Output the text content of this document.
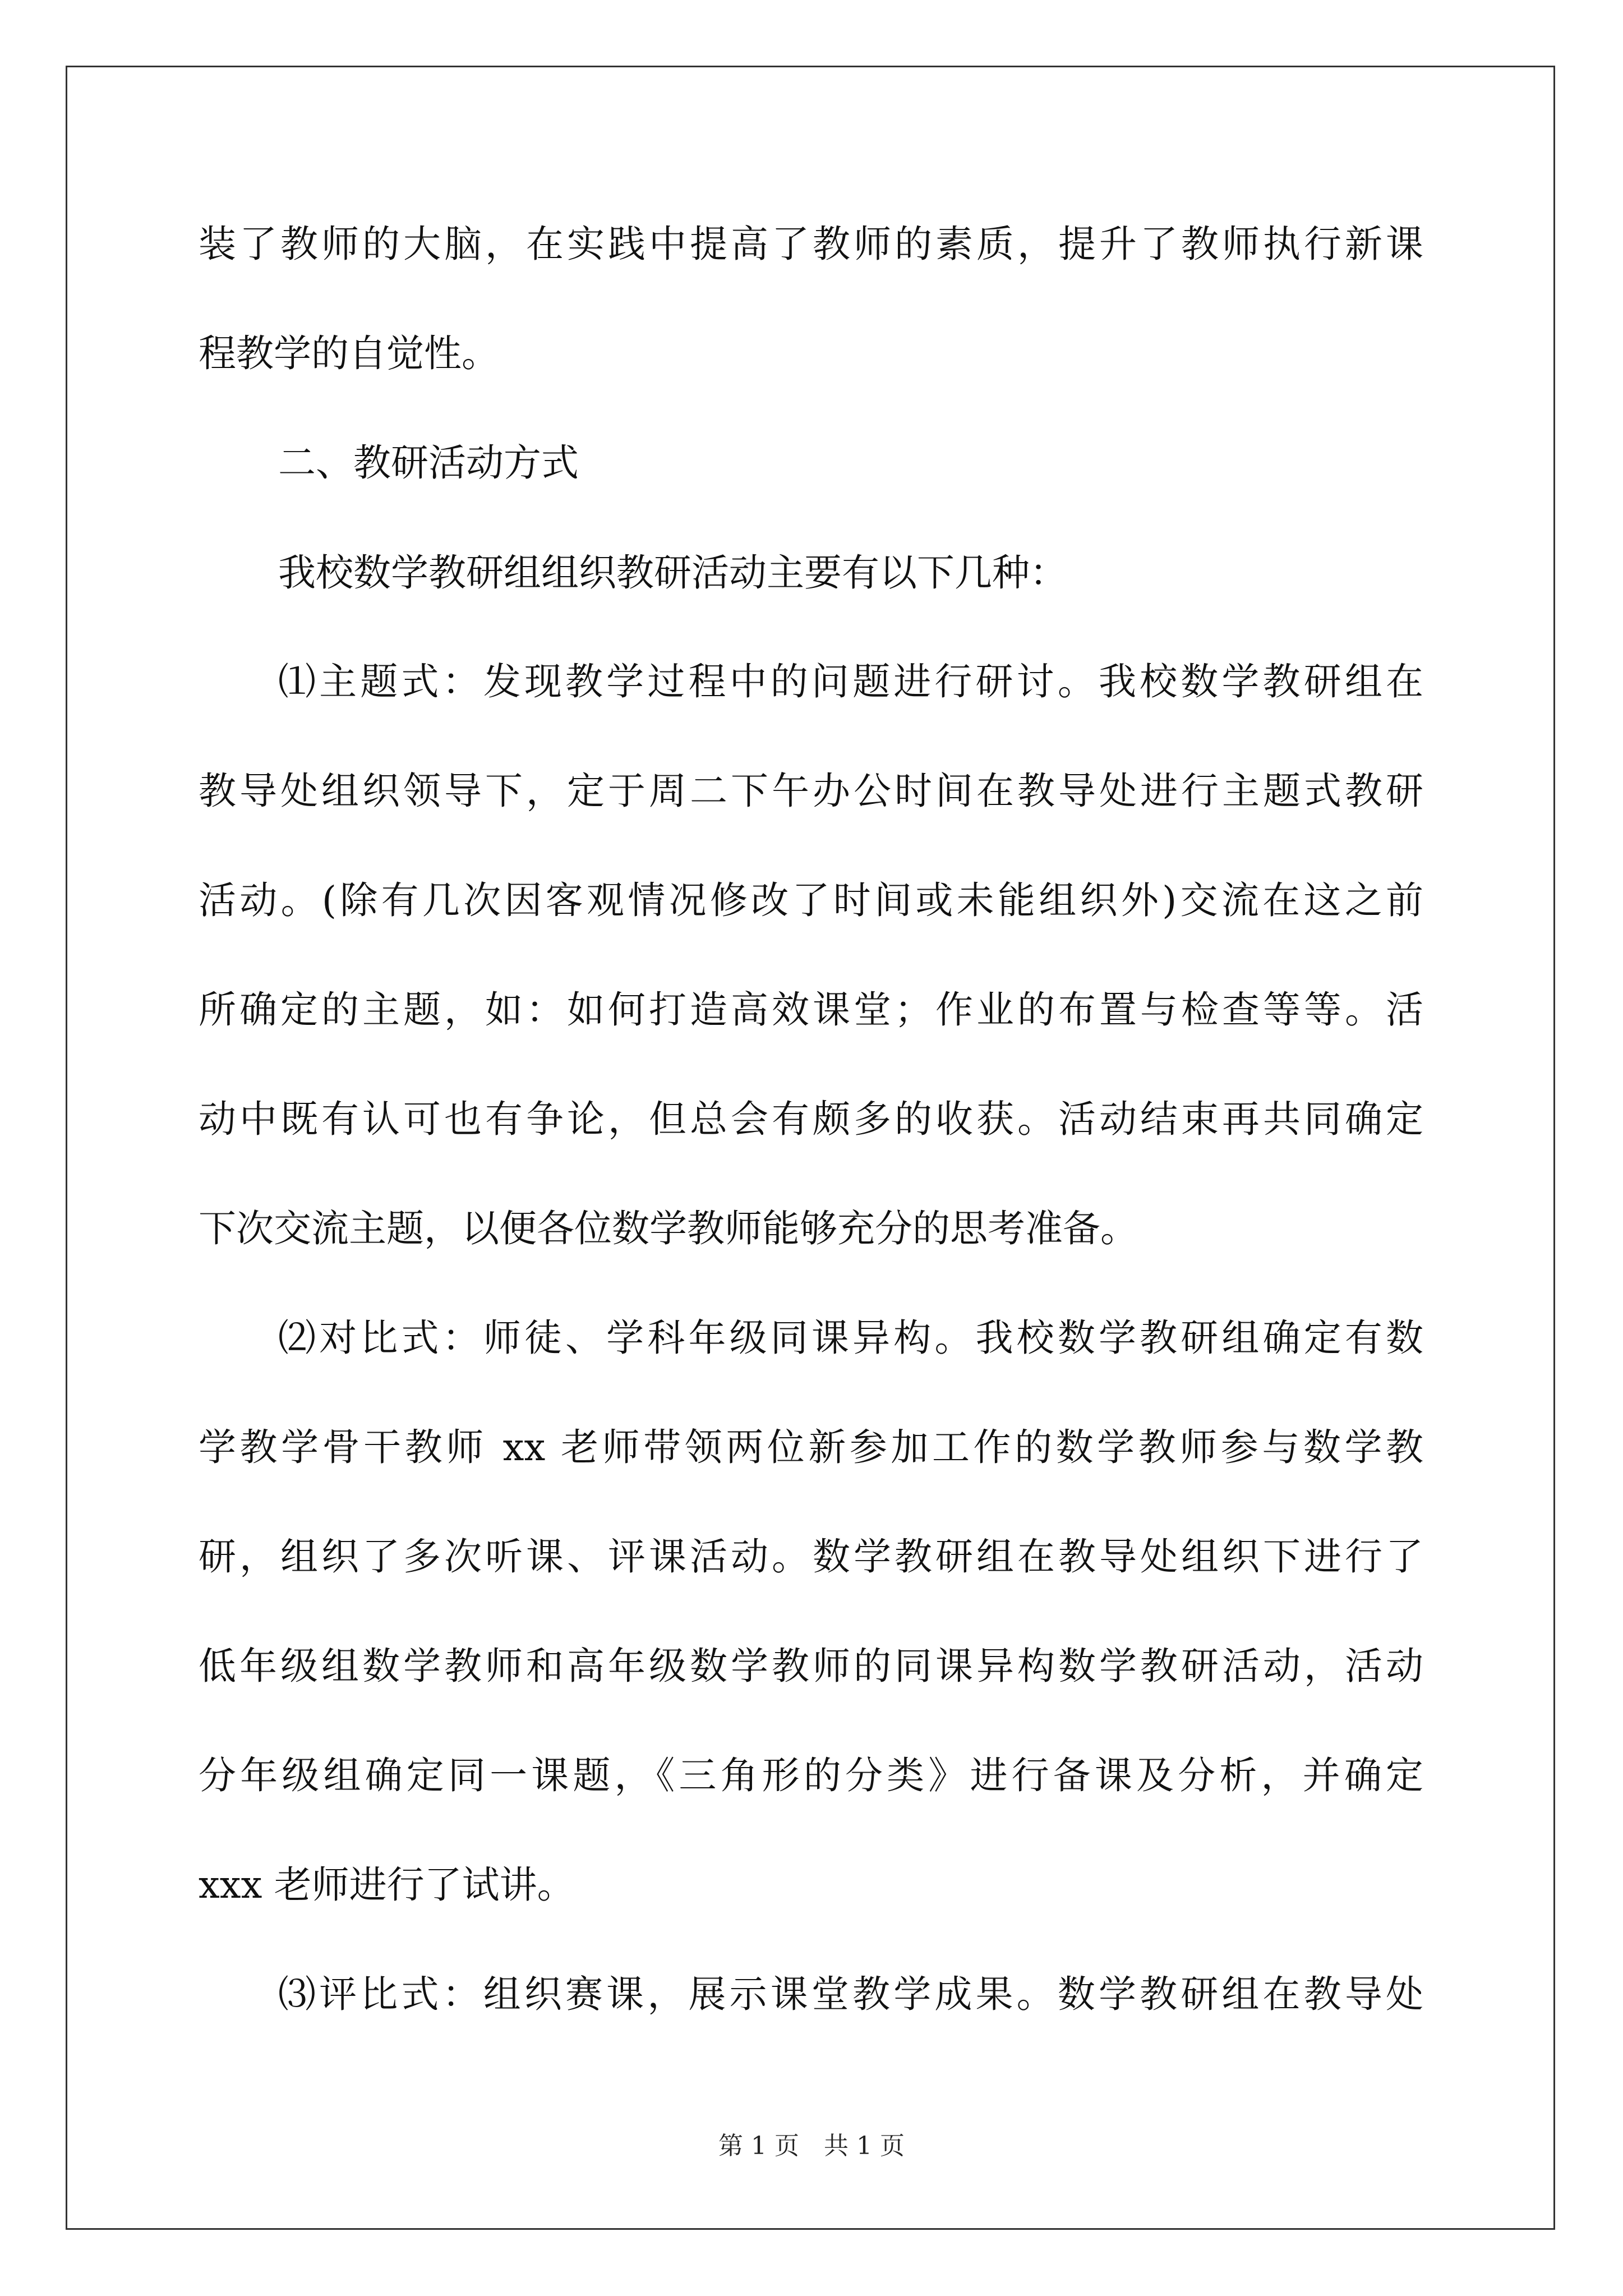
装了教师的大脑，在实践中提高了教师的素质，提升了教师执行新课
程教学的自觉性。
二、教研活动方式
我校数学教研组组织教研活动主要有以下几种：
⑴主题式：发现教学过程中的问题进行研讨。我校数学教研组在
教导处组织领导下，定于周二下午办公时间在教导处进行主题式教研
活动。(除有几次因客观情况修改了时间或未能组织外)交流在这之前
所确定的主题，如：如何打造高效课堂；作业的布置与检查等等。活
动中既有认可也有争论，但总会有颇多的收获。活动结束再共同确定
下次交流主题，以便各位数学教师能够充分的思考准备。
⑵对比式：师徒、学科年级同课异构。我校数学教研组确定有数
学教学骨干教师 xx 老师带领两位新参加工作的数学教师参与数学教
研，组织了多次听课、评课活动。数学教研组在教导处组织下进行了
低年级组数学教师和高年级数学教师的同课异构数学教研活动，活动
分年级组确定同一课题，《三角形的分类》进行备课及分析，并确定
xxx 老师进行了试讲。
⑶评比式：组织赛课，展示课堂教学成果。数学教研组在教导处
第 1 页　共 1 页
